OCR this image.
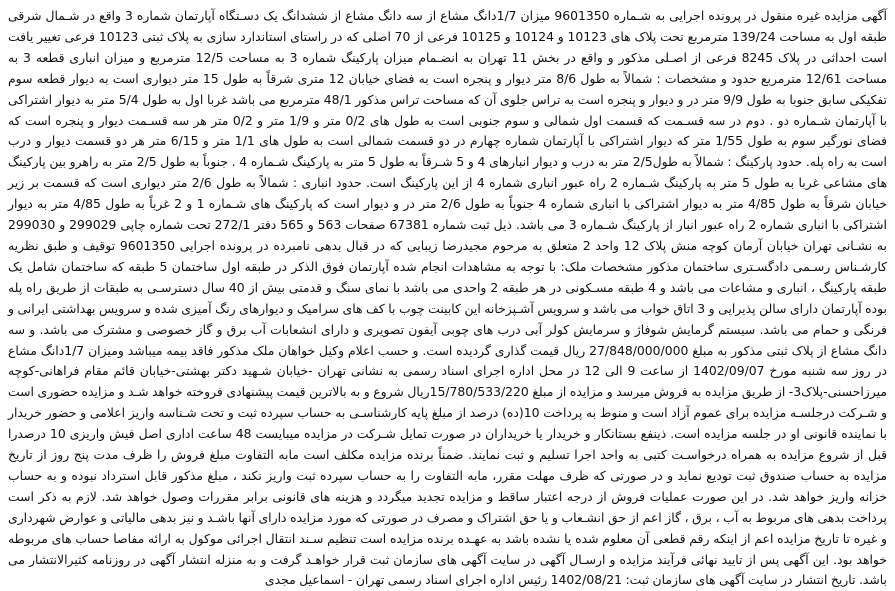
آگهی مزایده غیره منقول در پرونده اجرایی به شـماره 9601350 میزان 1/7دانگ مشاع از سه دانگ مشاع از ششدانگ یک دسـتگاه آپارتمان شماره 3 واقع در شـمال شرقی طبقه اول به مساحت 139/24 مترمربع تحت پلاک های 10123 و 10124 و 10125 فرعی از 70 اصلی که در راستای استاندارد سازی به پلاک ثبتی 10123 فرعی تغییر یافت است احداثی در پلاک 8245 فرعی از اصـلی مذکور و واقع در بخش 11 تهران به انضـمام میزان پارکینگ شماره 3 به مساحت 12/5 مترمربع و میزان انباری قطعه 3 به مساحت 12/61 مترمربع حدود و مشخصات : شمالاً به طول 8/6 متر دیوار و پنجره است به فضای خیابان 12 متری شرقاً به طول 15 متر دیواری است به دیوار قطعه سوم تفکیکی سابق جنوبا به طول 9/9 متر در و دیوار و پنجره است به تراس جلوی آن که مساحت تراس مذکور 48/1 مترمربع می باشد غربا اول به طول 5/4 متر به دیوار اشتراکی با آپارتمان شـماره دو . دوم در سه قسـمت که قسمت اول شمالی و سوم جنوبی است به طول های 0/2 متر و 1/9 متر و 0/2 متر هر سه قسـمت دیوار و پنجره است که فضای نورگیر سوم به طول 1/55 متر که دیوار اشتراکی با آپارتمان شماره چهارم در دو قسمت شمالی است به طول های 1/1 متر و 6/15 متر هر دو قسمت دیوار و درب است به راه پله. حدود پارکینگ : شمالاً به طول2/5 متر به درب و دیوار انبارهای 4 و 5 شـرقاً به طول 5 متر به پارکینگ شـماره 4 . جنوباً به طول 2/5 متر به راهرو بین پارکینگ های مشاعی غربا به طول 5 متر به پارکینگ شـماره 2 راه عبور انباری شماره 4 از این پارکینگ است. حدود انباری : شمالاً به طول 2/6 متر دیواری است که قسمت بر زیر خیابان شرقاً به طول 4/85 متر به دیوار اشتراکی با انباری شماره 4 جنوباً به طول 2/6 متر در و دیوار است که پارکینگ های شـماره 1 و 2 غرباً به طول 4/85 متر به دیوار اشتراکی با انباری شماره 2 راه عبور انبار از پارکینگ شـماره 3 می باشد. ذیل ثبت شماره 67381 صفحات 563 و 565 دفتر 272/1 تحت شماره چاپی 299029 و 299030 به نشـانی تهران خیابان آرمان کوچه منش پلاک 12 واحد 2 متعلق به مرحوم مجیدرضا زیبایی که در قبال بدهی نامبرده در پرونده اجرایی 9601350 توقیف و طبق نظریه کارشـناس رسـمی دادگسـتری ساختمان مذکور مشخصات ملک: با توجه به مشاهدات انجام شده آپارتمان فوق الذکر در طبقه اول ساختمان 5 طبقه که ساختمان شامل یک طبقه پارکینگ ، انباری و مشاعات می باشد و 4 طبقه مسـکونی در هر طبقه 2 واحدی می باشد با نمای سنگ و قدمتی بیش از 40 سال دسترسـی به طبقات از طریق راه پله بوده آپارتمان دارای سالن پذیرایی و 3 اتاق خواب می باشد و سرویس آشـپزخانه این کابینت چوب با کف های سرامیک و دیوارهای رنگ آمیزی شده و سرویس بهداشتی ایرانی و فرنگی و حمام می باشد. سیستم گرمایش شوفاژ و سرمایش کولر آبی درب های چوبی آیفون تصویری و دارای انشعابات آب برق و گاز خصوصی و مشترک می باشد. و سه دانگ مشاع از پلاک ثبتی مذکور به مبلغ 27/848/000/000 ریال قیمت گذاری گردیده است. و حسب اعلام وکیل خواهان ملک مذکور فاقد بیمه میباشد ومیزان 1/7دانگ مشاع در روز سه شنبه مورخ 1402/09/07 از ساعت 9 الی 12 در محل اداره اجرای اسناد رسمی به نشانی تهران -خیابان شـهید دکتر بهشتی-خیابان قائم مقام فراهانی-کوچه میرزاحسنی-پلاک3- از طریق مزایده به فروش میرسد و مزایده از مبلغ 15/780/533/220ریال شروع و به بالاترین قیمت پیشنهادی فروخته خواهد شـد و مزایده حضوری است و شـرکت درجلسـه مزایده برای عموم آزاد است و منوط به پرداخت 10(ده) درصد از مبلغ پایه کارشناسـی به حساب سپرده ثبت و تحت شـناسه واریز اعلامی و حضور خریدار با نماینده قانونی او در جلسه مزایده است. ذینفع بستانکار و خریدار یا خریداران در صورت تمایل شـرکت در مزایده میبایست 48 ساعت اداری اصل فیش واریزی 10 درصدرا قبل از شروع مزایده به همراه درخواسـت کتبی به واحد اجرا تسلیم و ثبت نمایند. ضمناً برنده مزایده مکلف است مابه التفاوت مبلغ فروش را ظرف مدت پنج روز از تاریخ مزایده به حساب صندوق ثبت تودیع نماید و در صورتی که ظرف مهلت مقرر، مابه التفاوت را به حساب سپرده ثبت واریز نکند ، مبلغ مذکور قابل استرداد نبوده و به حساب خزانه واریز خواهد شد. در این صورت عملیات فروش از درجه اعتبار ساقط و مزایده تجدید میگردد و هزینه های قانونی برابر مقررات وصول خواهد شد. لازم به ذکر است پرداخت بدهی های مربوط به آب ، برق ، گاز اعم از حق انشـعاب و یا حق اشتراک و مصرف در صورتی که مورد مزایده دارای آنها باشـد و نیز بدهی مالیاتی و عوارض شهرداری و غیره تا تاریخ مزایده اعم از اینکه رقم قطعی آن معلوم شده یا نشده باشد به عهـده برنده مزایده است تنظیم سـند انتقال اجرائی موکول به ارائه مفاصا حساب های مربوطه خواهد بود. این آگهی پس از تایید نهائی فرآیند مزایده و ارسـال آگهی در سایت آگهی های سازمان ثبت قرار خواهـد گرفت و به منزله انتشار آگهی در روزنامه کثیرالانتشار می باشد. تاریخ انتشار در سایت آگهی های سازمان ثبت: 1402/08/21 رئیس اداره اجرای اسناد رسمی تهران - اسماعیل مجدی
